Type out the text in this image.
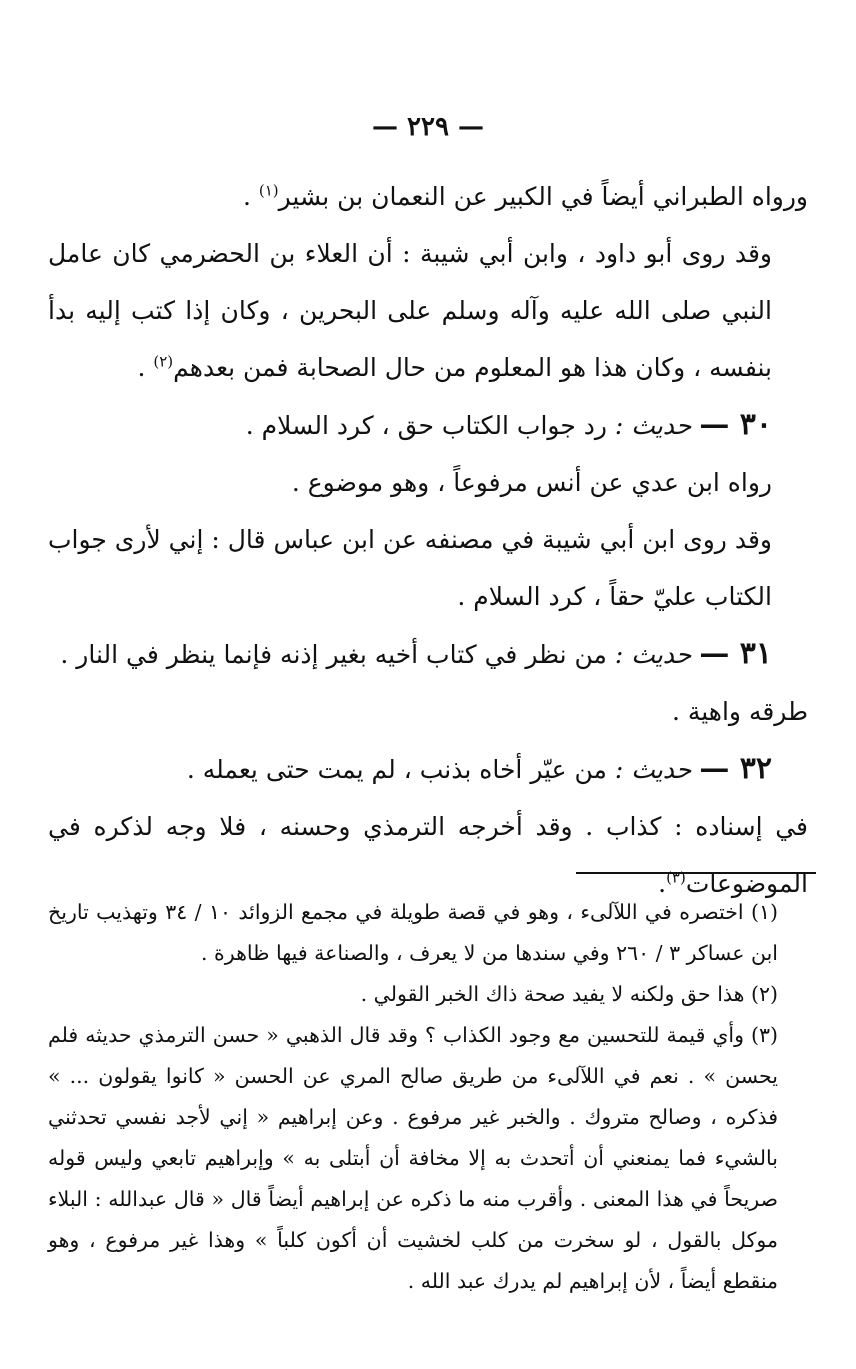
— ٢٢٩ —

ورواه الطبراني أيضاً في الكبير عن النعمان بن بشير$^{(١)}$ .

وقد روى أبو داود ، وابن أبي شيبة : أن العلاء بن الحضرمي كان عامل النبي صلى الله عليه وآله وسلم على البحرين ، وكان إذا كتب إليه بدأ بنفسه ، وكان هذا هو المعلوم من حال الصحابة فمن بعدهم$^{(٢)}$ .

٣٠ — حديث : رد جواب الكتاب حق ، كرد السلام .

رواه ابن عدي عن أنس مرفوعاً ، وهو موضوع .

وقد روى ابن أبي شيبة في مصنفه عن ابن عباس قال : إني لأرى جواب الكتاب عليّ حقاً ، كرد السلام .

٣١ — حديث : من نظر في كتاب أخيه بغير إذنه فإنما ينظر في النار .

طرقه واهية .

٣٢ — حديث : من عيّر أخاه بذنب ، لم يمت حتى يعمله .

في إسناده : كذاب . وقد أخرجه الترمذي وحسنه ، فلا وجه لذكره في الموضوعات$^{(٣)}$.

(١) اختصره في اللآلىء ، وهو في قصة طويلة في مجمع الزوائد ١٠ / ٣٤ وتهذيب تاريخ ابن عساكر ٣ / ٢٦٠ وفي سندها من لا يعرف ، والصناعة فيها ظاهرة .

(٢) هذا حق ولكنه لا يفيد صحة ذاك الخبر القولي .

(٣) وأي قيمة للتحسين مع وجود الكذاب ؟ وقد قال الذهبي « حسن الترمذي حديثه فلم يحسن » . نعم في اللآلىء من طريق صالح المري عن الحسن « كانوا يقولون ... » فذكره ، وصالح متروك . والخبر غير مرفوع . وعن إبراهيم « إني لأجد نفسي تحدثني بالشيء فما يمنعني أن أتحدث به إلا مخافة أن أبتلى به » وإبراهيم تابعي وليس قوله صريحاً في هذا المعنى . وأقرب منه ما ذكره عن إبراهيم أيضاً قال « قال عبدالله : البلاء موكل بالقول ، لو سخرت من كلب لخشيت أن أكون كلباً » وهذا غير مرفوع ، وهو منقطع أيضاً ، لأن إبراهيم لم يدرك عبد الله .
